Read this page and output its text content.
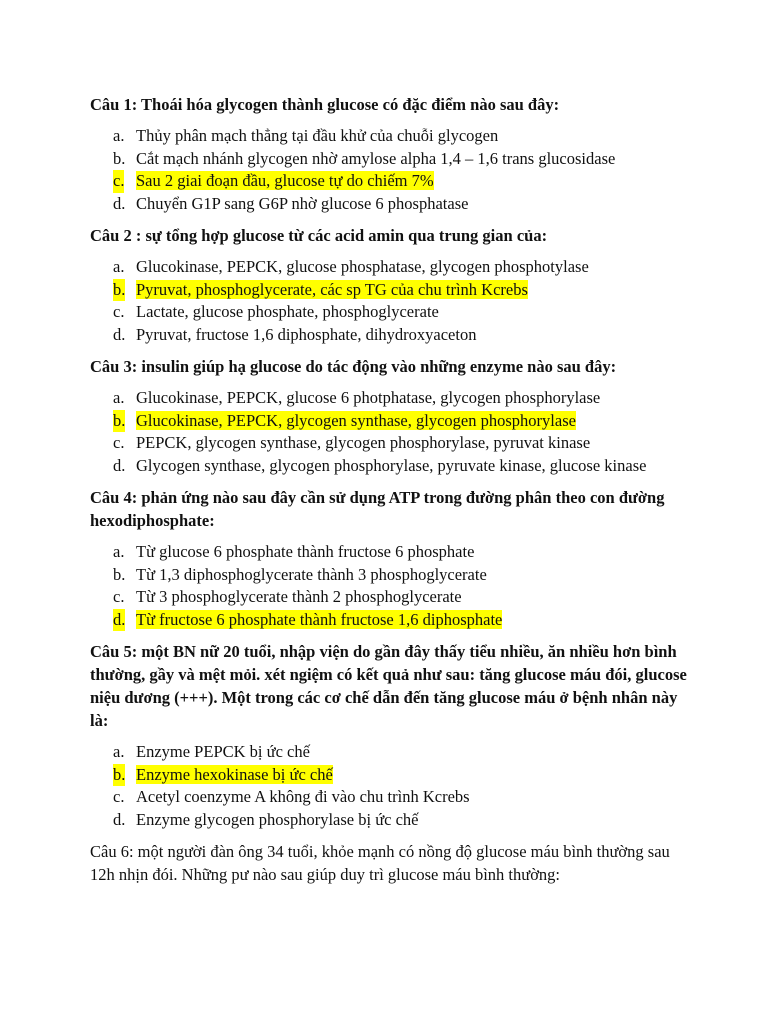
Câu 1: Thoái hóa glycogen thành glucose có đặc điểm nào sau đây:

a. Thủy phân mạch thẳng tại đầu khử của chuỗi glycogen
b. Cắt mạch nhánh glycogen nhờ amylose alpha 1,4 – 1,6 trans glucosidase
c. Sau 2 giai đoạn đầu, glucose tự do chiếm 7%
d. Chuyển G1P sang G6P nhờ glucose 6 phosphatase

Câu 2 : sự tổng hợp glucose từ các acid amin qua trung gian của:

a. Glucokinase, PEPCK, glucose phosphatase, glycogen phosphotylase
b. Pyruvat, phosphoglycerate, các sp TG của chu trình Kcrebs
c. Lactate, glucose phosphate, phosphoglycerate
d. Pyruvat, fructose 1,6 diphosphate, dihydroxyaceton

Câu 3: insulin giúp hạ glucose do tác động vào những enzyme nào sau đây:

a. Glucokinase, PEPCK, glucose 6 photphatase, glycogen phosphorylase
b. Glucokinase, PEPCK, glycogen synthase, glycogen phosphorylase
c. PEPCK, glycogen synthase, glycogen phosphorylase, pyruvat kinase
d. Glycogen synthase, glycogen phosphorylase, pyruvate kinase, glucose kinase

Câu 4: phản ứng nào sau đây cần sử dụng ATP trong đường phân theo con đường hexodiphosphate:

a. Từ glucose 6 phosphate thành fructose 6 phosphate
b. Từ 1,3 diphosphoglycerate thành 3 phosphoglycerate
c. Từ 3 phosphoglycerate thành 2 phosphoglycerate
d. Từ fructose 6 phosphate thành fructose 1,6 diphosphate

Câu 5: một BN nữ 20 tuổi, nhập viện do gần đây thấy tiểu nhiều, ăn nhiều hơn bình thường, gầy và mệt mỏi. xét ngiệm có kết quả như sau: tăng glucose máu đói, glucose niệu dương (+++). Một trong các cơ chế dẫn đến tăng glucose máu ở bệnh nhân này là:

a. Enzyme PEPCK bị ức chế
b. Enzyme hexokinase bị ức chế
c. Acetyl coenzyme A không đi vào chu trình Kcrebs
d. Enzyme glycogen phosphorylase bị ức chế

Câu 6: một người đàn ông 34 tuổi, khỏe mạnh có nồng độ glucose máu bình thường sau 12h nhịn đói. Những pư nào sau giúp duy trì glucose máu bình thường:
